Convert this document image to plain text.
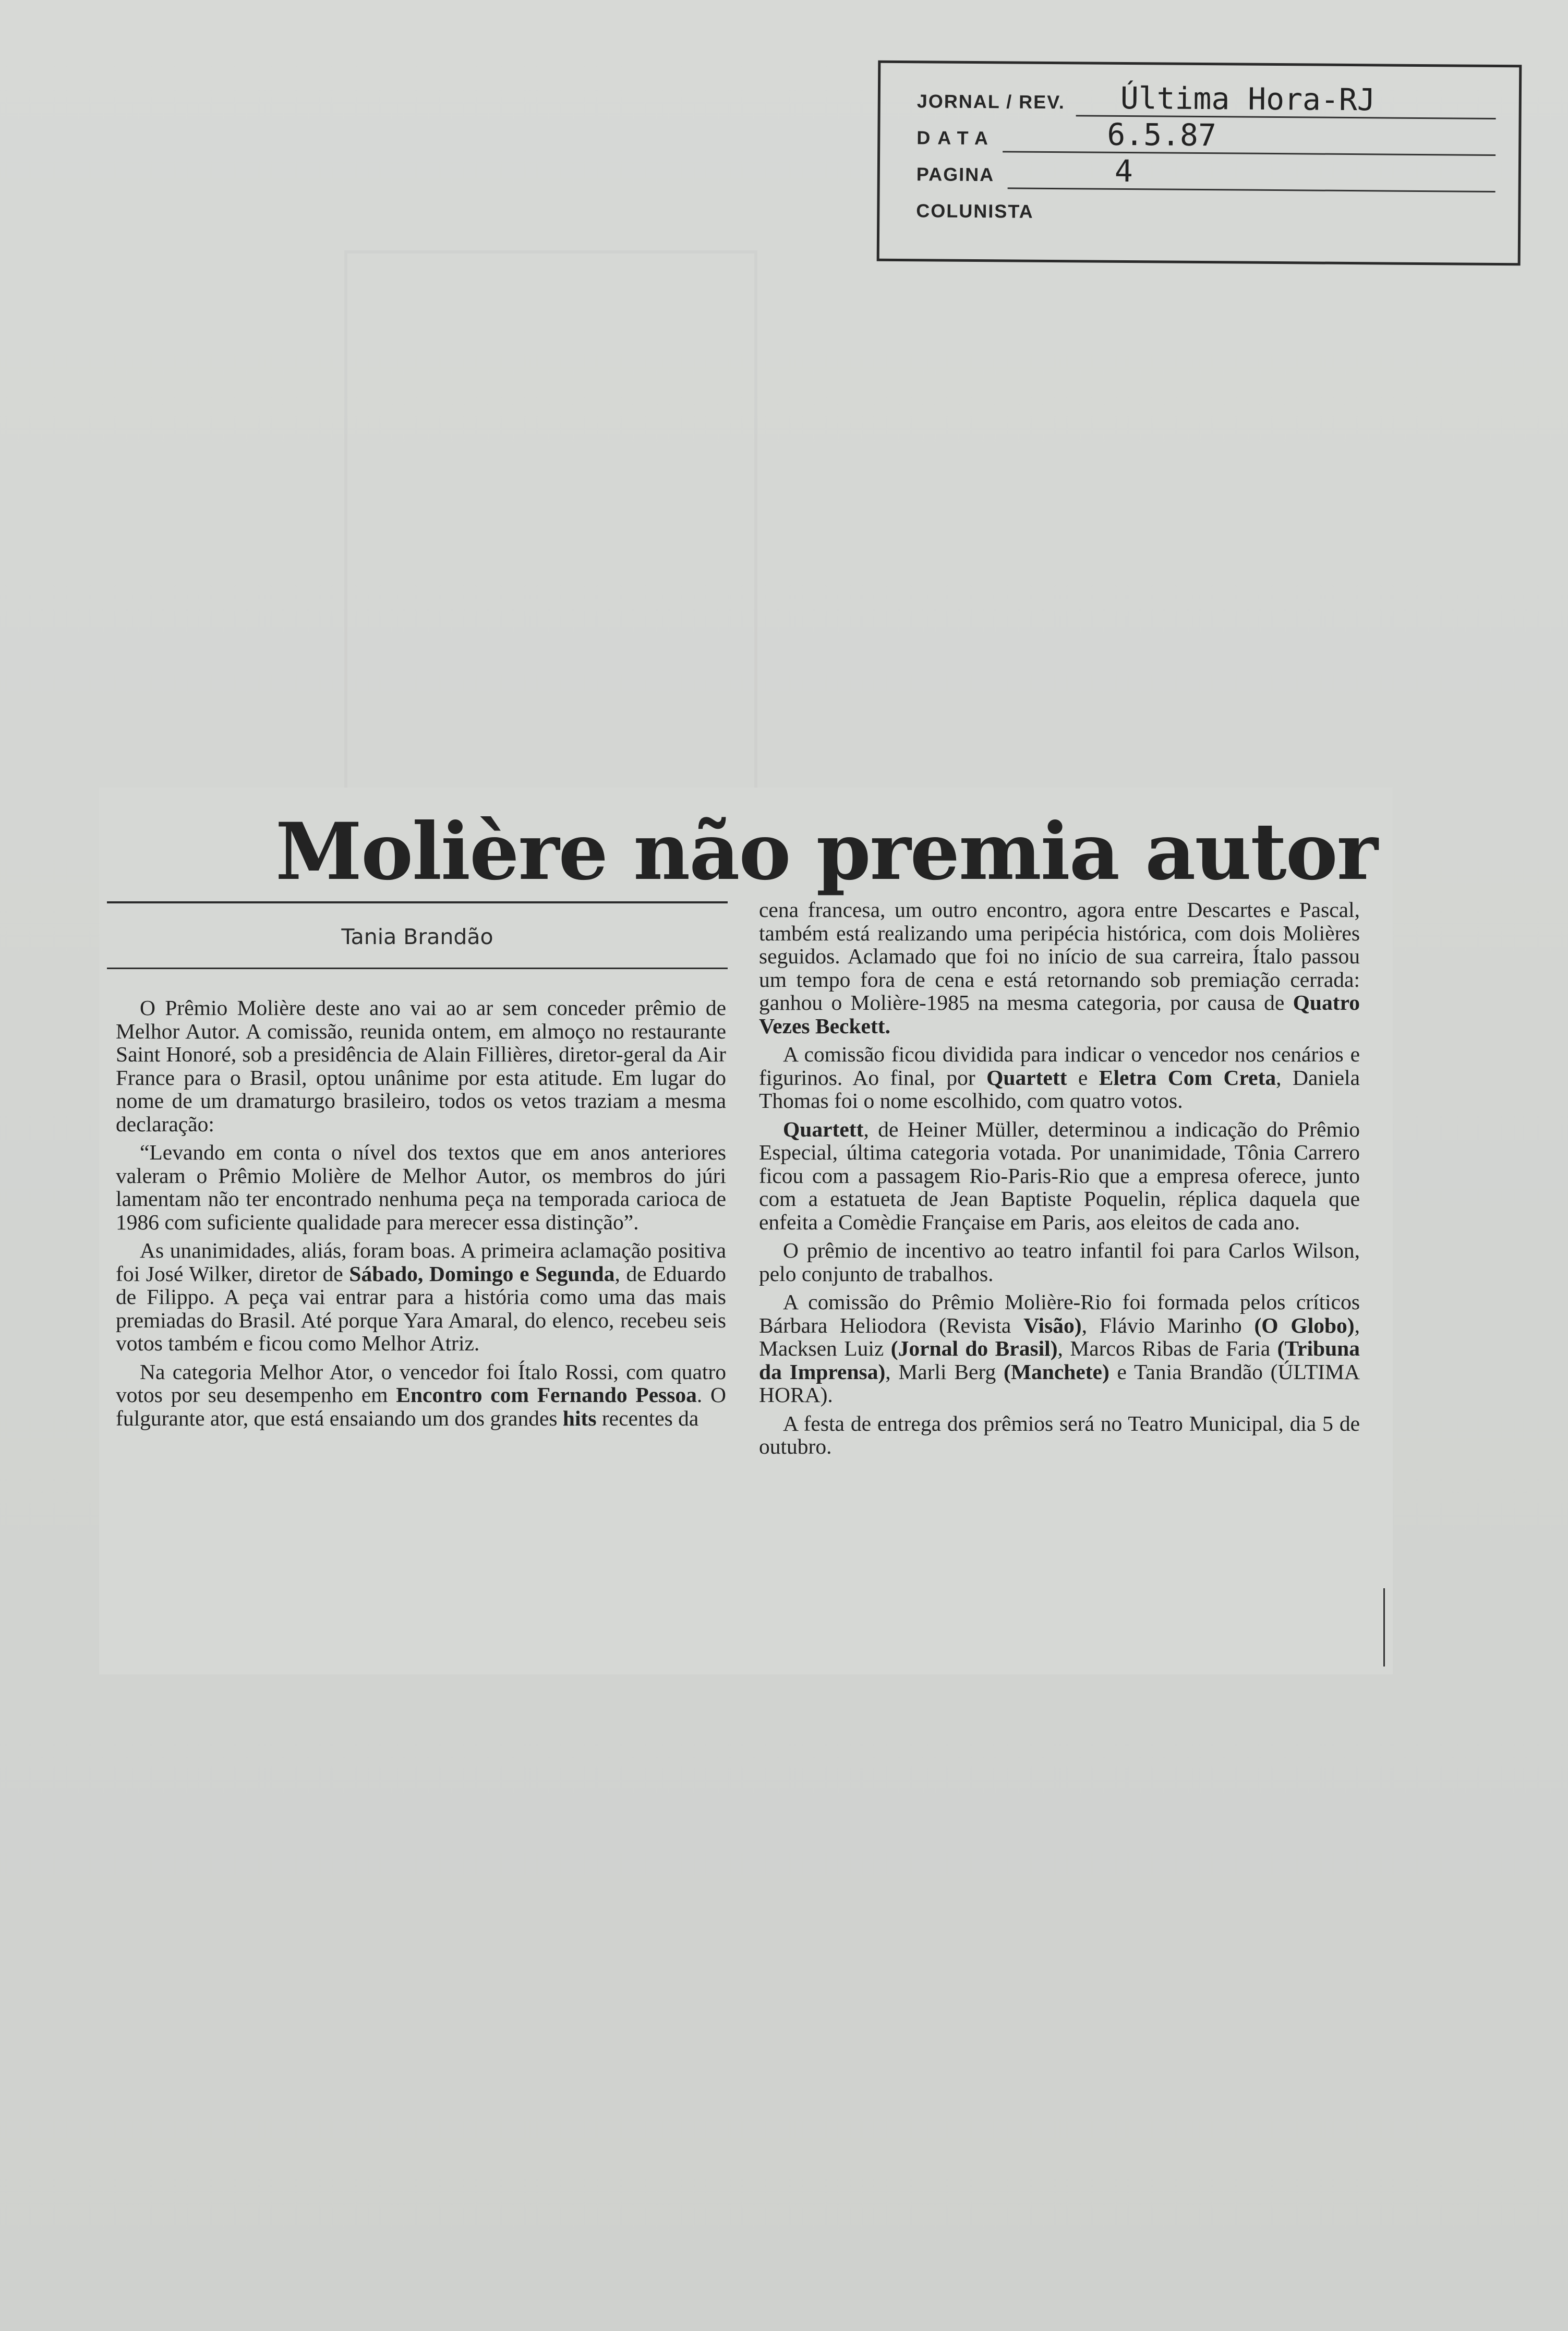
JORNAL / REV. Última Hora-RJ
DATA	6.5.87
PAGINA	4
COLUNISTA
Molière não premia autor
Tania Brandão

O Prêmio Molière deste ano vai ao ar sem conceder prêmio de Melhor Autor. A comissão, reunida ontem, em almoço no restaurante Saint Honoré, sob a presidência de Alain Fillières, diretor-geral da Air France para o Brasil, optou unânime por esta atitude. Em lugar do nome de um dramaturgo brasileiro, todos os vetos traziam a mesma declaração:

“Levando em conta o nível dos textos que em anos anteriores valeram o Prêmio Molière de Melhor Autor, os membros do júri lamentam não ter encontrado nenhuma peça na temporada carioca de 1986 com suficiente qualidade para merecer essa distinção”.

As unanimidades, aliás, foram boas. A primeira aclamação positiva foi José Wilker, diretor de Sábado, Domingo e Segunda, de Eduardo de Filippo. A peça vai entrar para a história como uma das mais premiadas do Brasil. Até porque Yara Amaral, do elenco, recebeu seis votos também e ficou como Melhor Atriz.

Na categoria Melhor Ator, o vencedor foi Ítalo Rossi, com quatro votos por seu desempenho em Encontro com Fernando Pessoa. O fulgurante ator, que está ensaiando um dos grandes hits recentes da

cena francesa, um outro encontro, agora entre Descartes e Pascal, também está realizando uma peripécia histórica, com dois Molières seguidos. Aclamado que foi no início de sua carreira, Ítalo passou um tempo fora de cena e está retornando sob premiação cerrada: ganhou o Molière-1985 na mesma categoria, por causa de Quatro Vezes Beckett.

A comissão ficou dividida para indicar o vencedor nos cenários e figurinos. Ao final, por Quartett e Eletra Com Creta, Daniela Thomas foi o nome escolhido, com quatro votos.

Quartett, de Heiner Müller, determinou a indicação do Prêmio Especial, última categoria votada. Por unanimidade, Tônia Carrero ficou com a passagem Rio-Paris-Rio que a empresa oferece, junto com a estatueta de Jean Baptiste Poquelin, réplica daquela que enfeita a Comèdie Française em Paris, aos eleitos de cada ano.

O prêmio de incentivo ao teatro infantil foi para Carlos Wilson, pelo conjunto de trabalhos.

A comissão do Prêmio Molière-Rio foi formada pelos críticos Bárbara Heliodora (Revista Visão), Flávio Marinho (O Globo), Macksen Luiz (Jornal do Brasil), Marcos Ribas de Faria (Tribuna da Imprensa), Marli Berg (Manchete) e Tania Brandão (ÚLTIMA HORA).

A festa de entrega dos prêmios será no Teatro Municipal, dia 5 de outubro.
